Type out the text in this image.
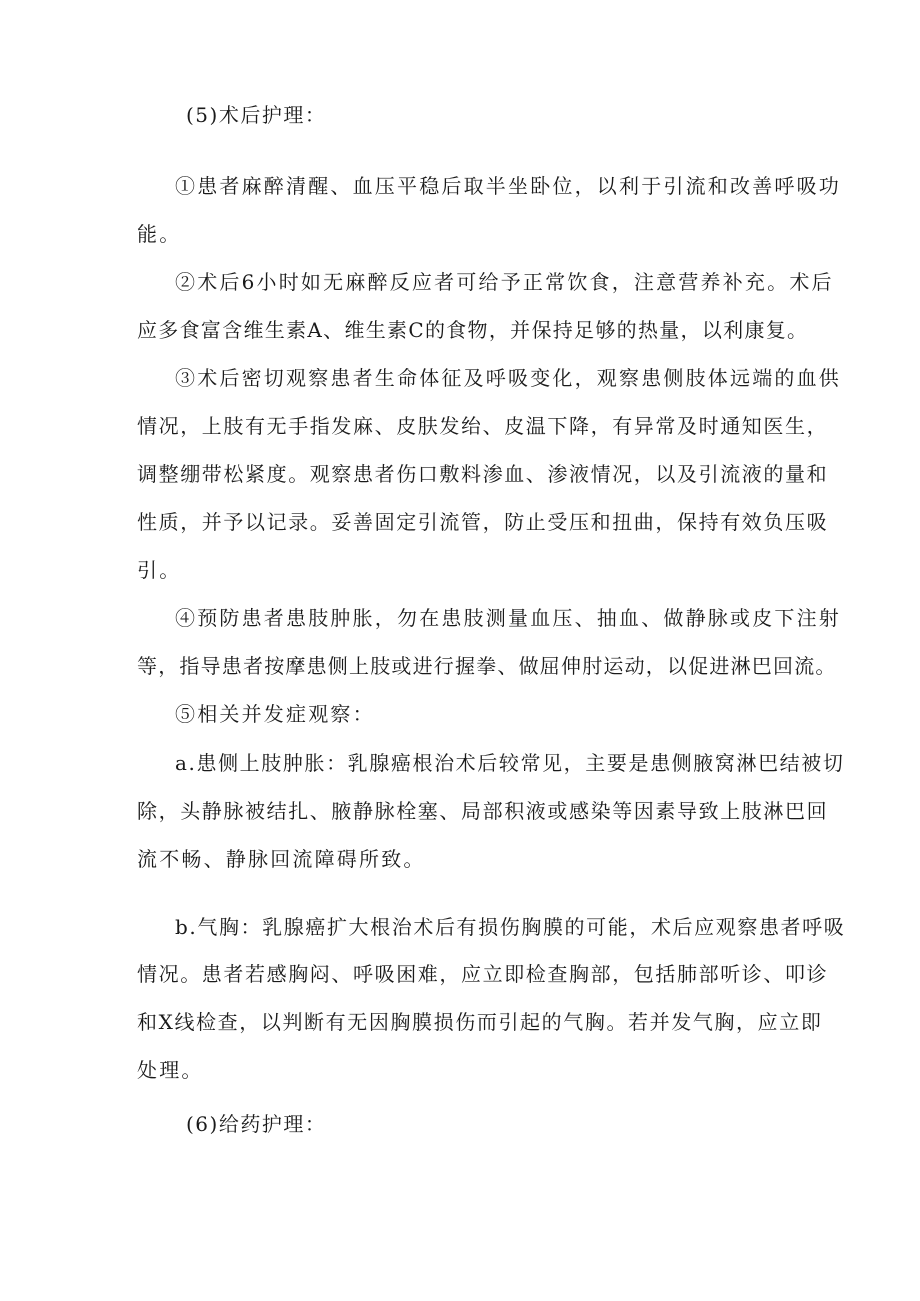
(5)术后护理：
①患者麻醉清醒、血压平稳后取半坐卧位，以利于引流和改善呼吸功
能。
②术后6小时如无麻醉反应者可给予正常饮食，注意营养补充。术后
应多食富含维生素A、维生素C的食物，并保持足够的热量，以利康复。
③术后密切观察患者生命体征及呼吸变化，观察患侧肢体远端的血供
情况，上肢有无手指发麻、皮肤发绐、皮温下降，有异常及时通知医生，
调整绷带松紧度。观察患者伤口敷料渗血、渗液情况，以及引流液的量和
性质，并予以记录。妥善固定引流管，防止受压和扭曲，保持有效负压吸
引。
④预防患者患肢肿胀，勿在患肢测量血压、抽血、做静脉或皮下注射
等，指导患者按摩患侧上肢或进行握拳、做屈伸肘运动，以促进淋巴回流。
⑤相关并发症观察：
a.患侧上肢肿胀：乳腺癌根治术后较常见，主要是患侧腋窝淋巴结被切
除，头静脉被结扎、腋静脉栓塞、局部积液或感染等因素导致上肢淋巴回
流不畅、静脉回流障碍所致。
b.气胸：乳腺癌扩大根治术后有损伤胸膜的可能，术后应观察患者呼吸
情况。患者若感胸闷、呼吸困难，应立即检查胸部，包括肺部听诊、叩诊
和X线检查，以判断有无因胸膜损伤而引起的气胸。若并发气胸，应立即
处理。
(6)给药护理：
